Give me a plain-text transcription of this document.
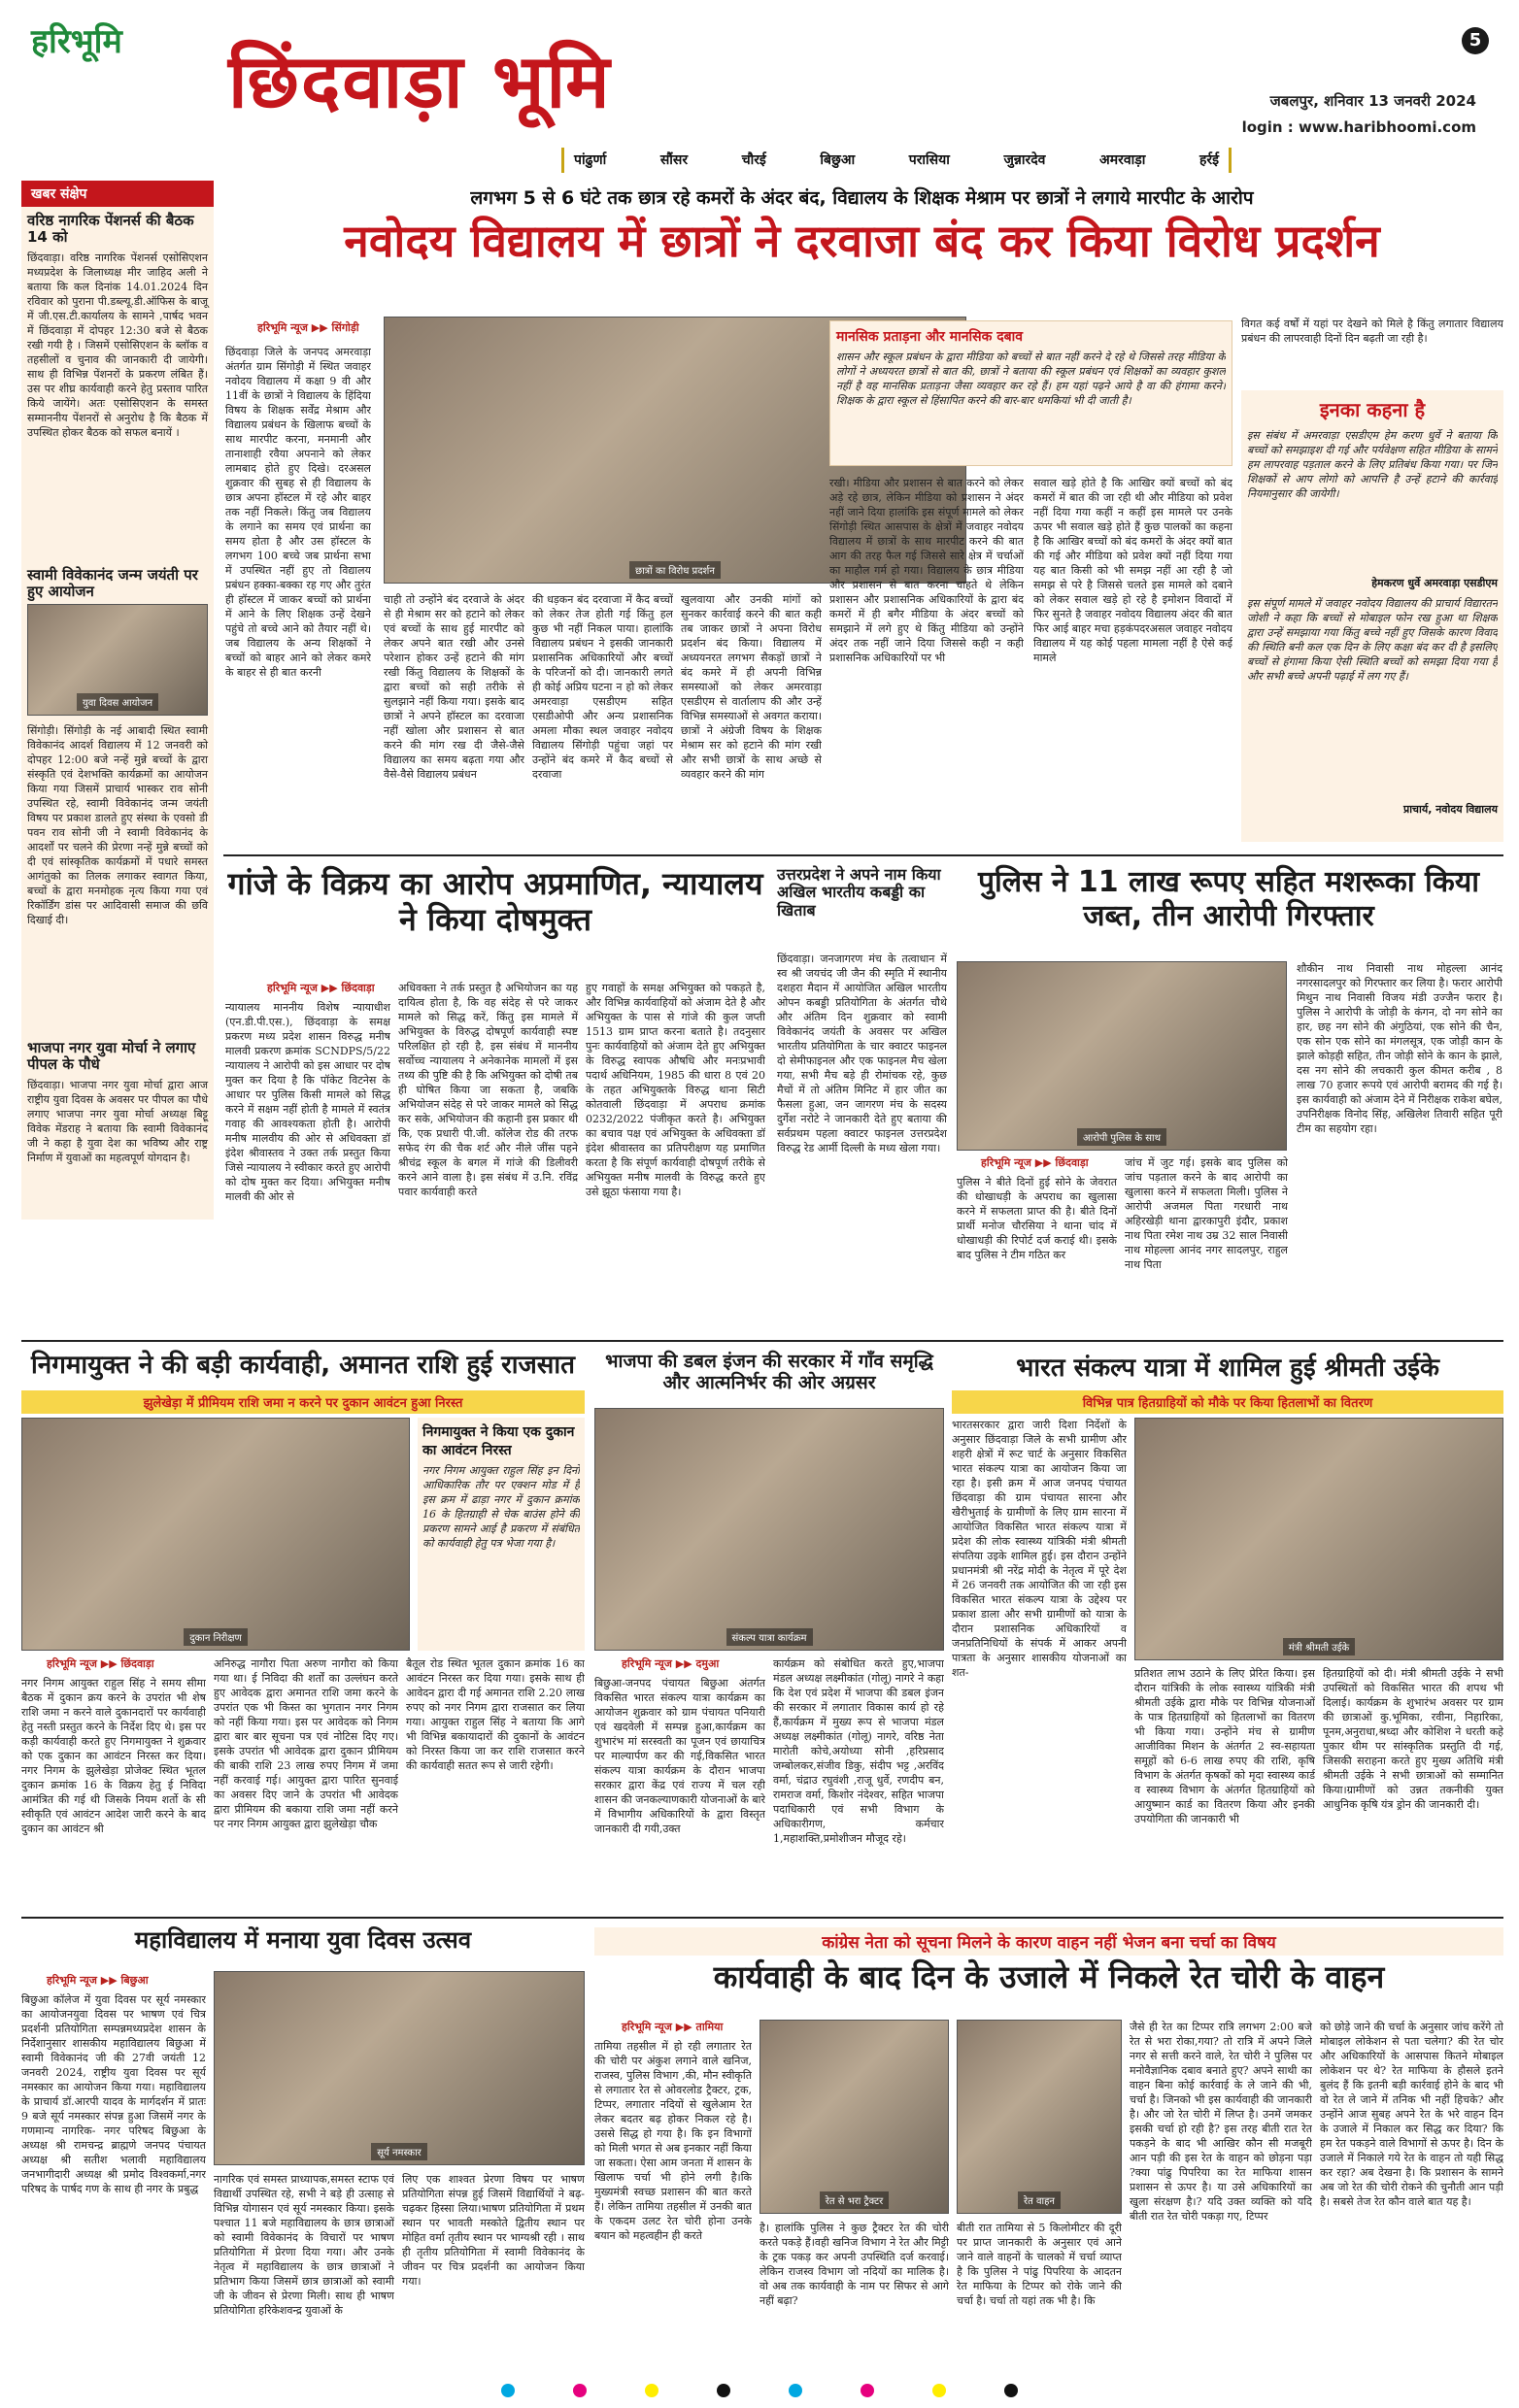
हरिभूमि छिंदवाड़ा भूमि	5
जबलपुर, शनिवार 13 जनवरी 2024
login : www.haribhoomi.com
पांढुर्णा	सौंसर	चौरई	बिछुआ	परासिया	जुन्नारदेव	अमरवाड़ा	हर्रई
खबर संक्षेप
वरिष्ठ नागरिक पेंशनर्स की बैठक 14 को
छिंदवाड़ा। वरिष्ठ नागरिक पेंशनर्स एसोसिएशन मध्यप्रदेश के जिलाध्यक्ष मीर जाहिद अली ने बताया कि कल दिनांक 14.01.2024 दिन रविवार को पुराना पी.डब्ल्यू.डी.ऑफिस के बाजू में जी.एस.टी.कार्यालय के सामने ,पार्षद भवन में छिंदवाड़ा में दोपहर 12:30 बजे से बैठक रखी गयी है । जिसमें एसोसिएशन के ब्लॉक व तहसीलों व चुनाव की जानकारी दी जायेगी। साथ ही विभिन्न पेंशनरों के प्रकरण लंबित हैं। उस पर शीघ्र कार्यवाही करने हेतु प्रस्ताव पारित किये जायेंगे। अतः एसोसिएशन के समस्त सम्माननीय पेंशनरों से अनुरोध है कि बैठक में उपस्थित होकर बैठक को सफल बनायें ।
स्वामी विवेकानंद जन्म जयंती पर हुए आयोजन
युवा दिवस आयोजन
सिंगोड़ी। सिंगोड़ी के नई आबादी स्थित स्वामी विवेकानंद आदर्श विद्यालय में 12 जनवरी को दोपहर 12:00 बजे नन्हें मुन्ने बच्चों के द्वारा संस्कृति एवं देशभक्ति कार्यक्रमों का आयोजन किया गया जिसमें प्राचार्य भास्कर राव सोनी उपस्थित रहे, स्वामी विवेकानंद जन्म जयंती विषय पर प्रकाश डालते हुए संस्था के एवसो डी पवन राव सोनी जी ने स्वामी विवेकानंद के आदर्शों पर चलने की प्रेरणा नन्हें मुन्ने बच्चों को दी एवं सांस्कृतिक कार्यक्रमों में पधारे समस्त आगंतुको का तिलक लगाकर स्वागत किया, बच्चों के द्वारा मनमोहक नृत्य किया गया एवं रिकॉर्डिंग डांस पर आदिवासी समाज की छवि दिखाई दी।
भाजपा नगर युवा मोर्चा ने लगाए पीपल के पौधे
छिंदवाड़ा। भाजपा नगर युवा मोर्चा द्वारा आज राष्ट्रीय युवा दिवस के अवसर पर पीपल का पौधे लगाए भाजपा नगर युवा मोर्चा अध्यक्ष बिट्टू विवेक मेंडराह ने बताया कि स्वामी विवेकानंद जी ने कहा है युवा देश का भविष्य और राष्ट्र निर्माण में युवाओं का महत्वपूर्ण योगदान है।
लगभग 5 से 6 घंटे तक छात्र रहे कमरों के अंदर बंद, विद्यालय के शिक्षक मेश्राम पर छात्रों ने लगाये मारपीट के आरोप
नवोदय विद्यालय में छात्रों ने दरवाजा बंद कर किया विरोध प्रदर्शन
हरिभूमि न्यूज ▶▶ सिंगोड़ी
छिंदवाड़ा जिले के जनपद अमरवाड़ा अंतर्गत ग्राम सिंगोड़ी में स्थित जवाहर नवोदय विद्यालय में कक्षा 9 वी और 11वीं के छात्रों ने विद्यालय के हिंदिया विषय के शिक्षक सर्वेंद्र मेश्राम और विद्यालय प्रबंधन के खिलाफ बच्चों के साथ मारपीट करना, मनमानी और तानाशाही रवैया अपनाने को लेकर लामबाद होते हुए दिखे। दरअसल शुक्रवार की सुबह से ही विद्यालय के छात्र अपना हॉस्टल में रहे और बाहर तक नहीं निकले। किंतु जब विद्यालय के लगाने का समय एवं प्रार्थना का समय होता है और उस हॉस्टल के लगभग 100 बच्चे जब प्रार्थना सभा में उपस्थित नहीं हुए तो विद्यालय प्रबंधन हक्का-बक्का रह गए और तुरंत ही हॉस्टल में जाकर बच्चों को प्रार्थना में आने के लिए शिक्षक उन्हें देखने पहुंचे तो बच्चे आने को तैयार नहीं थे। जब विद्यालय के अन्य शिक्षकों ने बच्चों को बाहर आने को लेकर कमरे के बाहर से ही बात करनी
छात्रों का विरोध प्रदर्शन
चाही तो उन्होंने बंद दरवाजे के अंदर से ही मेश्राम सर को हटाने को लेकर एवं बच्चों के साथ हुई मारपीट को लेकर अपने बात रखी और उनसे परेशान होकर उन्हें हटाने की मांग रखी किंतु विद्यालय के शिक्षकों के द्वारा बच्चों को सही तरीके से सुलझाने नहीं किया गया। इसके बाद छात्रों ने अपने हॉस्टल का दरवाजा नहीं खोला और प्रशासन से बात करने की मांग रख दी जैसे-जैसे विद्यालय का समय बढ़ता गया और वैसे-वैसे विद्यालय प्रबंधन
की धड़कन बंद दरवाजा में कैद बच्चों को लेकर तेज होती गई किंतु हल कुछ भी नहीं निकल पाया। हालांकि विद्यालय प्रबंधन ने इसकी जानकारी प्रशासनिक अधिकारियों और बच्चों के परिजनों को दी। जानकारी लगते ही कोई अप्रिय घटना न हो को लेकर अमरवाड़ा एसडीएम सहित एसडीओपी और अन्य प्रशासनिक अमला मौका स्थल जवाहर नवोदय विद्यालय सिंगोड़ी पहुंचा जहां पर उन्होंने बंद कमरे में कैद बच्चों से दरवाजा
खुलवाया और उनकी मांगों को सुनकर कार्रवाई करने की बात कही तब जाकर छात्रों ने अपना विरोध प्रदर्शन बंद किया। विद्यालय में अध्ययनरत लगभग सैकड़ों छात्रों ने बंद कमरे में ही अपनी विभिन्न समस्याओं को लेकर अमरवाड़ा एसडीएम से वार्तालाप की और उन्हें विभिन्न समस्याओं से अवगत कराया। छात्रों ने अंग्रेजी विषय के शिक्षक मेश्राम सर को हटाने की मांग रखी और सभी छात्रों के साथ अच्छे से व्यवहार करने की मांग
मानसिक प्रताड़ना और मानसिक दबाव
शासन और स्कूल प्रबंधन के द्वारा मीडिया को बच्चों से बात नहीं करने दे रहे थे जिससे तरह मीडिया के लोगों ने अध्ययरत छात्रों से बात की, छात्रों ने बताया की स्कूल प्रबंधन एवं शिक्षकों का व्यवहार कुशल नहीं है वह मानसिक प्रताड़ना जैसा व्यवहार कर रहे हैं। हम यहां पढ़ने आये है वा की हंगामा करने। शिक्षक के द्वारा स्कूल से हिंसापित करने की बार-बार धमकियां भी दी जाती है।
रखी। मीडिया और प्रशासन से बात करने को लेकर अड़े रहे छात्र, लेकिन मीडिया को प्रशासन ने अंदर नहीं जाने दिया हालांकि इस संपूर्ण मामले को लेकर सिंगोड़ी स्थित आसपास के क्षेत्रों में जवाहर नवोदय विद्यालय में छात्रों के साथ मारपीट करने की बात आग की तरह फैल गई जिससे सारे क्षेत्र में चर्चाओं का माहौल गर्म हो गया। विद्यालय के छात्र मीडिया और प्रशासन से बात करना चाहते थे लेकिन प्रशासन और प्रशासनिक अधिकारियों के द्वारा बंद कमरों में ही बगैर मीडिया के अंदर बच्चों को समझाने में लगे हुए थे किंतु मीडिया को उन्होंने अंदर तक नहीं जाने दिया जिससे कही न कही प्रशासनिक अधिकारियों पर भी
सवाल खड़े होते है कि आखिर क्यों बच्चों को बंद कमरों में बात की जा रही थी और मीडिया को प्रवेश नहीं दिया गया कहीं न कहीं इस मामले पर उनके ऊपर भी सवाल खड़े होते हैं कुछ पालकों का कहना है कि आखिर बच्चों को बंद कमरों के अंदर क्यों बात की गई और मीडिया को प्रवेश क्यों नहीं दिया गया यह बात किसी को भी समझ नहीं आ रही है जो समझ से परे है जिससे चलते इस मामले को दबाने को लेकर सवाल खड़े हो रहे है इमोशन विवादों में फिर सुनते है जवाहर नवोदय विद्यालय अंदर की बात फिर आई बाहर मचा हड़कंपदरअसल जवाहर नवोदय विद्यालय में यह कोई पहला मामला नहीं है ऐसे कई मामले
विगत कई वर्षों में यहां पर देखने को मिले है किंतु लगातार विद्यालय प्रबंधन की लापरवाही दिनों दिन बढ़ती जा रही है।
इनका कहना है
इस संबंध में अमरवाड़ा एसडीएम हेम करण धुर्वे ने बताया कि बच्चों को समझाइश दी गई और पर्यवेक्षण सहित मीडिया के सामने हम लापरवाह पड़ताल करने के लिए प्रतिबंध किया गया। पर जिन शिक्षकों से आप लोगो को आपत्ति है उन्हें हटाने की कार्रवाई नियमानुसार की जायेगी।
हेमकरण धुर्वे अमरवाड़ा एसडीएम
इस संपूर्ण मामले में जवाहर नवोदय विद्यालय की प्राचार्य विद्यारतन जोशी ने कहा कि बच्चों से मोबाइल फोन रख हुआ था शिक्षक द्वारा उन्हें समझाया गया किंतु बच्चे नहीं हुए जिसके कारण विवाद की स्थिति बनी कल एक दिन के लिए कक्षा बंद कर दी है इसलिए बच्चों से हंगामा किया ऐसी स्थिति बच्चों को समझा दिया गया है और सभी बच्चे अपनी पढ़ाई में लग गए हैं।
प्राचार्य, नवोदय विद्यालय
गांजे के विक्रय का आरोप अप्रमाणित, न्यायालय ने किया दोषमुक्त
हरिभूमि न्यूज ▶▶ छिंदवाड़ा
न्यायालय माननीय विशेष न्यायाधीश (एन.डी.पी.एस.), छिंदवाड़ा के समक्ष प्रकरण मध्य प्रदेश शासन विरुद्ध मनीष मालवी प्रकरण क्रमांक SCNDPS/5/22 न्यायालय ने आरोपी को इस आधार पर दोष मुक्त कर दिया है कि पॉकेट विटनेस के आधार पर पुलिस किसी मामले को सिद्ध करने में सक्षम नहीं होती है मामले में स्वतंत्र गवाह की आवश्यकता होती है। आरोपी मनीष मालवीय की ओर से अधिवक्ता डॉ इंदेश श्रीवास्तव ने उक्त तर्क प्रस्तुत किया जिसे न्यायालय ने स्वीकार करते हुए आरोपी को दोष मुक्त कर दिया। अभियुक्त मनीष मालवी की ओर से
अधिवक्ता ने तर्क प्रस्तुत है अभियोजन का यह दायित्व होता है, कि वह संदेह से परे जाकर मामले को सिद्ध करें, किंतु इस मामले में अभियुक्त के विरुद्ध दोषपूर्ण कार्यवाही स्पष्ट परिलक्षित हो रही है, इस संबंध में माननीय सर्वोच्च न्यायालय ने अनेकानेक मामलों में इस तथ्य की पुष्टि की है कि अभियुक्त को दोषी तब ही घोषित किया जा सकता है, जबकि अभियोजन संदेह से परे जाकर मामले को सिद्ध कर सके, अभियोजन की कहानी इस प्रकार थी कि, एक प्रधारी पी.जी. कॉलेज रोड की तरफ सफेद रंग की चैक शर्ट और नीले जींस पहने श्रीचंद्र स्कूल के बगल में गांजे की डिलीवरी करने आने वाला है। इस संबंध में उ.नि. रविंद्र पवार कार्यवाही करते
हुए गवाहों के समक्ष अभियुक्त को पकड़ते है, और विभिन्न कार्यवाहियों को अंजाम देते है और अभियुक्त के पास से गांजे की कुल जप्ती 1513 ग्राम प्राप्त करना बताते है। तदनुसार पुनः कार्यवाहियों को अंजाम देते हुए अभियुक्त के विरुद्ध स्वापक औषधि और मनःप्रभावी पदार्थ अधिनियम, 1985 की धारा 8 एवं 20 के तहत अभियुक्तके विरुद्ध थाना सिटी कोतवाली छिंदवाड़ा में अपराध क्रमांक 0232/2022 पंजीकृत करते है। अभियुक्त का बचाव पक्ष एवं अभियुक्त के अधिवक्ता डॉ इंदेश श्रीवास्तव का प्रतिपरीक्षण यह प्रमाणित करता है कि संपूर्ण कार्यवाही दोषपूर्ण तरीके से अभियुक्त मनीष मालवी के विरुद्ध करते हुए उसे झूठा फंसाया गया है।
उत्तरप्रदेश ने अपने नाम किया अखिल भारतीय कबड्डी का खिताब
छिंदवाड़ा। जनजागरण मंच के तत्वाधान में स्व श्री जयचंद जी जैन की स्मृति में स्थानीय दशहरा मैदान में आयोजित अखिल भारतीय ओपन कबड्डी प्रतियोगिता के अंतर्गत चौथे और अंतिम दिन शुक्रवार को स्वामी विवेकानंद जयंती के अवसर पर अखिल भारतीय प्रतियोगिता के चार क्वाटर फाइनल दो सेमीफाइनल और एक फाइनल मैच खेला गया, सभी मैच बड़े ही रोमांचक रहे, कुछ मैचों में तो अंतिम मिनिट में हार जीत का फैसला हुआ, जन जागरण मंच के सदस्य दुर्गेश नरोटे ने जानकारी देते हुए बताया की सर्वप्रथम पहला क्वाटर फाइनल उत्तरप्रदेश विरुद्ध रेड आर्मी दिल्ली के मध्य खेला गया।
पुलिस ने 11 लाख रूपए सहित मशरूका किया जब्त, तीन आरोपी गिरफ्तार
आरोपी पुलिस के साथ
हरिभूमि न्यूज ▶▶ छिंदवाड़ा
पुलिस ने बीते दिनों हुई सोने के जेवरात की धोखाधड़ी के अपराध का खुलासा करने में सफलता प्राप्त की है। बीते दिनों प्रार्थी मनोज चौरसिया ने थाना चांद में धोखाधड़ी की रिपोर्ट दर्ज कराई थी। इसके बाद पुलिस ने टीम गठित कर
जांच में जुट गई। इसके बाद पुलिस को जांच पड़ताल करने के बाद आरोपी का खुलासा करने में सफलता मिली। पुलिस ने आरोपी अजमल पिता गरधारी नाथ अहिरखेड़ी थाना द्वारकापुरी इंदौर, प्रकाश नाथ पिता रमेश नाथ उम्र 32 साल निवासी नाथ मोहल्ला आनंद नगर सादलपुर, राहुल नाथ पिता
शौकीन नाथ निवासी नाथ मोहल्ला आनंद नगरसादलपुर को गिरफ्तार कर लिया है। फरार आरोपी मिथुन नाथ निवासी विजय मंडी उज्जैन फरार है। पुलिस ने आरोपी के जोड़ी के कंगन, दो नग सोने का हार, छह नग सोने की अंगुठियां, एक सोने की चैन, एक सोन एक सोने का मंगलसूत्र, एक जोड़ी कान के झाले कोड़ही सहित, तीन जोड़ी सोने के कान के झाले, दस नग सोने की लचकारी कुल कीमत करीब , 8 लाख 70 हजार रूपये एवं आरोपी बरामद की गई है। इस कार्यवाही को अंजाम देने में निरीक्षक राकेश बघेल, उपनिरीक्षक विनोद सिंह, अखिलेश तिवारी सहित पूरी टीम का सहयोग रहा।
निगमायुक्त ने की बड़ी कार्यवाही, अमानत राशि हुई राजसात
झुलेखेड़ा में प्रीमियम राशि जमा न करने पर दुकान आवंटन हुआ निरस्त
दुकान निरीक्षण
निगमायुक्त ने किया एक दुकान का आवंटन निरस्त
नगर निगम आयुक्त राहुल सिंह इन दिनों आधिकारिक तौर पर एक्शन मोड में है इस क्रम में ढाड़ा नगर में दुकान क्रमांक 16 के हितग्राही से चेक बाउंस होने की प्रकरण सामने आई है प्रकरण में संबंधित को कार्यवाही हेतु पत्र भेजा गया है।
हरिभूमि न्यूज ▶▶ छिंदवाड़ा
नगर निगम आयुक्त राहुल सिंह ने समय सीमा बैठक में दुकान क्रय करने के उपरांत भी शेष राशि जमा न करने वाले दुकानदारों पर कार्यवाही हेतु नस्ती प्रस्तुत करने के निर्देश दिए थे। इस पर कड़ी कार्यवाही करते हुए निगमायुक्त ने शुक्रवार को एक दुकान का आवंटन निरस्त कर दिया। नगर निगम के झुलेखेड़ा प्रोजेक्ट स्थित भूतल दुकान क्रमांक 16 के विक्रय हेतु ई निविदा आमंत्रित की गई थी जिसके नियम शर्तो के सी स्वीकृति एवं आवंटन आदेश जारी करने के बाद दुकान का आवंटन श्री
अनिरुद्ध नागौरा पिता अरुण नागौरा को किया गया था। ई निविदा की शर्तों का उल्लंघन करते हुए आवेदक द्वारा अमानत राशि जमा करने के उपरांत एक भी किस्त का भुगतान नगर निगम को नहीं किया गया। इस पर आवेदक को निगम द्वारा बार बार सूचना पत्र एवं नोटिस दिए गए। इसके उपरांत भी आवेदक द्वारा दुकान प्रीमियम की बाकी राशि 23 लाख रुपए निगम में जमा नहीं करवाई गई। आयुक्त द्वारा पारित सुनवाई का अवसर दिए जाने के उपरांत भी आवेदक द्वारा प्रीमियम की बकाया राशि जमा नहीं करने पर नगर निगम आयुक्त द्वारा झुलेखेड़ा चौक
बैतूल रोड स्थित भूतल दुकान क्रमांक 16 का आवंटन निरस्त कर दिया गया। इसके साथ ही आवेदन द्वारा दी गई अमानत राशि 2.20 लाख रुपए को नगर निगम द्वारा राजसात कर लिया गया। आयुक्त राहुल सिंह ने बताया कि आगे भी विभिन्न बकायादारों की दुकानों के आवंटन को निरस्त किया जा कर राशि राजसात करने की कार्यवाही सतत रूप से जारी रहेगी।
भाजपा की डबल इंजन की सरकार में गाँव समृद्धि और आत्मनिर्भर की ओर अग्रसर
संकल्प यात्रा कार्यक्रम
हरिभूमि न्यूज ▶▶ दमुआ
बिछुआ-जनपद पंचायत बिछुआ अंतर्गत विकसित भारत संकल्प यात्रा कार्यक्रम का आयोजन शुक्रवार को ग्राम पंचायत पनियारी एवं खदवेली में सम्पन्न हुआ,कार्यक्रम का शुभारंभ मां सरस्वती का पूजन एवं छायाचित्र पर माल्यार्पण कर की गई,विकसित भारत संकल्प यात्रा कार्यक्रम के दौरान भाजपा सरकार द्वारा केंद्र एवं राज्य में चल रही शासन की जनकल्याणकारी योजनाओं के बारे में विभागीय अधिकारियों के द्वारा विस्तृत जानकारी दी गयी,उक्त
कार्यक्रम को संबोधित करते हुए,भाजपा मंडल अध्यक्ष लक्ष्मीकांत (गोलू) नागरे ने कहा कि देश एवं प्रदेश में भाजपा की डबल इंजन की सरकार में लगातार विकास कार्य हो रहे हैं,कार्यक्रम में मुख्य रूप से भाजपा मंडल अध्यक्ष लक्ष्मीकांत (गोलू) नागरे, वरिष्ठ नेता मारोती कोचे,अयोध्या सोनी ,हरिप्रसाद जम्बोलकर,संजीव डिकु, संदीप भट्ट ,अरविंद वर्मा, चंद्राउ रघुवंशी ,राजू धुर्वे, रणदीप बन, रामराज वर्मा, किशोर नंदेश्वर, सहित भाजपा पदाधिकारी एवं सभी विभाग के अधिकारीगण, कर्मचार 1,महाशक्ति,प्रमोशीजन मौजूद रहे।
भारत संकल्प यात्रा में शामिल हुई श्रीमती उईके
विभिन्न पात्र हितग्राहियों को मौके पर किया हितलाभों का वितरण
भारतसरकार द्वारा जारी दिशा निर्देशों के अनुसार छिंदवाड़ा जिले के सभी ग्रामीण और शहरी क्षेत्रों में रूट चार्ट के अनुसार विकसित भारत संकल्प यात्रा का आयोजन किया जा रहा है। इसी क्रम में आज जनपद पंचायत छिंदवाड़ा की ग्राम पंचायत सारना और खैरीभुताई के ग्रामीणों के लिए ग्राम सारना में आयोजित विकसित भारत संकल्प यात्रा में प्रदेश की लोक स्वास्थ्य यांत्रिकी मंत्री श्रीमती संपतिया उइके शामिल हुई। इस दौरान उन्होंने प्रधानमंत्री श्री नरेंद्र मोदी के नेतृत्व में पूरे देश में 26 जनवरी तक आयोजित की जा रही इस विकसित भारत संकल्प यात्रा के उद्देश्य पर प्रकाश डाला और सभी ग्रामीणों को यात्रा के दौरान प्रशासनिक अधिकारियों व जनप्रतिनिधियों के संपर्क में आकर अपनी पात्रता के अनुसार शासकीय योजनाओं का शत-
मंत्री श्रीमती उईके
प्रतिशत लाभ उठाने के लिए प्रेरित किया। इस दौरान यांत्रिकी के लोक स्वास्थ्य यांत्रिकी मंत्री श्रीमती उईके द्वारा मौके पर विभिन्न योजनाओं के पात्र हितग्राहियों को हितलाभों का वितरण भी किया गया। उन्होंने मंच से ग्रामीण आजीविका मिशन के अंतर्गत 2 स्व-सहायता समूहों को 6-6 लाख रुपए की राशि, कृषि विभाग के अंतर्गत कृषकों को मृदा स्वास्थ्य कार्ड व स्वास्थ्य विभाग के अंतर्गत हितग्राहियों को आयुष्मान कार्ड का वितरण किया और इनकी उपयोगिता की जानकारी भी
हितग्राहियों को दी। मंत्री श्रीमती उईके ने सभी उपस्थितों को विकसित भारत की शपथ भी दिलाई। कार्यक्रम के शुभारंभ अवसर पर ग्राम की छात्राओं कु.भूमिका, रवीना, निहारिका, पूनम,अनुराधा,श्रध्दा और कोशिश ने धरती कहे पुकार थीम पर सांस्कृतिक प्रस्तुति दी गई, जिसकी सराहना करते हुए मुख्य अतिथि मंत्री श्रीमती उईके ने सभी छात्राओं को सम्मानित किया।ग्रामीणों को उन्नत तकनीकी युक्त आधुनिक कृषि यंत्र ड्रोन की जानकारी दी।
महाविद्यालय में मनाया युवा दिवस उत्सव
हरिभूमि न्यूज ▶▶ बिछुआ
सूर्य नमस्कार
बिछुआ कॉलेज में युवा दिवस पर सूर्य नमस्कार का आयोजनयुवा दिवस पर भाषण एवं चित्र प्रदर्शनी प्रतियोगिता सम्पन्नमध्यप्रदेश शासन के निर्देशानुसार शासकीय महाविद्यालय बिछुआ में स्वामी विवेकानंद जी की 27वी जयंती 12 जनवरी 2024, राष्ट्रीय युवा दिवस पर सूर्य नमस्कार का आयोजन किया गया। महाविद्यालय के प्राचार्य डॉ.आरपी यादव के मार्गदर्शन में प्रातः 9 बजे सूर्य नमस्कार संपन्न हुआ जिसमें नगर के गणमान्य नागरिक- नगर परिषद बिछुआ के अध्यक्ष श्री रामचन्द्र ब्राह्मणे जनपद पंचायत अध्यक्ष श्री सतीश भलावी महाविद्यालय जनभागीदारी अध्यक्ष श्री प्रमोद विश्वकर्मा,नगर परिषद के पार्षद गण के साथ ही नगर के प्रबुद्ध
नागरिक एवं समस्त प्राध्यापक,समस्त स्टाफ एवं विद्यार्थी उपस्थित रहे, सभी ने बड़े ही उत्साह से विभिन्न योगासन एवं सूर्य नमस्कार किया। इसके पश्चात 11 बजे महाविद्यालय के छात्र छात्राओं को स्वामी विवेकानंद के विचारों पर भाषण प्रतियोगिता में प्रेरणा दिया गया। और उनके नेतृत्व में महाविद्यालय के छात्र छात्राओं ने प्रतिभाग किया जिसमें छात्र छात्राओं को स्वामी जी के जीवन से प्रेरणा मिली। साथ ही भाषण प्रतियोगिता हरिकेशवन्द्र युवाओं के
लिए एक शाश्वत प्रेरणा विषय पर भाषण प्रतियोगिता संपन्न हुई जिसमें विद्यार्थियों ने बढ़-चढ़कर हिस्सा लिया।भाषण प्रतियोगिता में प्रथम स्थान पर भावती मस्कोते द्वितीय स्थान पर मोहित वर्मा तृतीय स्थान पर भाग्यश्री रही । साथ ही तृतीय प्रतियोगिता में स्वामी विवेकानंद के जीवन पर चित्र प्रदर्शनी का आयोजन किया गया।
कांग्रेस नेता को सूचना मिलने के कारण वाहन नहीं भेजन बना चर्चा का विषय
कार्यवाही के बाद दिन के उजाले में निकले रेत चोरी के वाहन
हरिभूमि न्यूज ▶▶ तामिया
तामिया तहसील में हो रही लगातार रेत की चोरी पर अंकुश लगाने वाले खनिज, राजस्व, पुलिस विभाग ,की, मौन स्वीकृति से लगातार रेत से ओवरलोड ट्रैक्टर, ट्रक, टिप्पर, लगातार नदियों से खुलेआम रेत लेकर बदतर बढ़ होकर निकल रहे है। उससे सिद्ध हो गया है। कि इन विभागों को मिली भगत से अब इनकार नहीं किया जा सकता। ऐसा आम जनता में शासन के खिलाफ चर्चा भी होने लगी है।कि मुख्यमंत्री स्वच्छ प्रशासन की बात करते हैं। लेकिन तामिया तहसील में उनकी बात के एकदम उलट रेत चोरी होना उनके बयान को महत्वहीन ही करते
रेत से भरा ट्रैक्टर
है। हालांकि पुलिस ने कुछ ट्रैक्टर रेत की चोरी करते पकड़े हैं।वही खनिज विभाग ने रेत और मिट्टी के ट्रक पकड़ कर अपनी उपस्थिति दर्ज करवाई। लेकिन राजस्व विभाग जो नदियों का मालिक है। वो अब तक कार्यवाही के नाम पर सिफर से आगे नहीं बढ़ा?
रेत वाहन
बीती रात तामिया से 5 किलोमीटर की दूरी पर प्राप्त जानकारी के अनुसार एवं आने जाने वाले वाहनों के चालको में चर्चा व्याप्त है कि पुलिस ने पांढु पिपरिया के आदतन रेत माफिया के टिप्पर को रोके जाने की चर्चा है। चर्चा तो यहां तक भी है। कि
जैसे ही रेत का टिप्पर रात्रि लगभग 2:00 बजे रेत से भरा रोका,गया? तो रात्रि में अपने जिले नगर से सत्ती करने वाले, रेत चोरी ने पुलिस पर मनोवैज्ञानिक दबाव बनाते हुए? अपने साथी का वाहन बिना कोई कार्रवाई के ले जाने की भी, चर्चा है। जिनको भी इस कार्यवाही की जानकारी है। और जो रेत चोरी में लिप्त है। उनमें जमकर इसकी चर्चा हो रही है? इस तरह बीती रात रेत पकड़ने के बाद भी आखिर कौन सी मजबूरी आन पड़ी की इस रेत के वाहन को छोड़ना पड़ा ?क्या पांढु पिपरिया का रेत माफिया शासन प्रशासन से ऊपर है। या उसे अधिकारियों का खुला संरक्षण है।? यदि उक्त व्यक्ति को यदि बीती रात रेत चोरी पकड़ा गए, टिप्पर
को छोड़े जाने की चर्चा के अनुसार जांच करेंगे तो मोबाइल लोकेशन से पता चलेगा? की रेत चोर और अधिकारियों के आसपास कितने मोबाइल लोकेशन पर थे? रेत माफिया के हौसले इतने बुलंद हैं कि इतनी बड़ी कार्रवाई होने के बाद भी वो रेत ले जाने में तनिक भी नहीं हिचके? और उन्होंने आज सुबह अपने रेत के भरे वाहन दिन के उजाले में निकाल कर सिद्ध कर दिया? कि हम रेत पकड़ने वाले विभागों से ऊपर है। दिन के उजाले में निकाले गये रेत के वाहन तो यही सिद्ध कर रहा? अब देखना है। कि प्रशासन के सामने अब जो रेत की चोरी रोकने की चुनौती आन पड़ी है। सबसे तेज रेत कौन वाले बात यह है।
